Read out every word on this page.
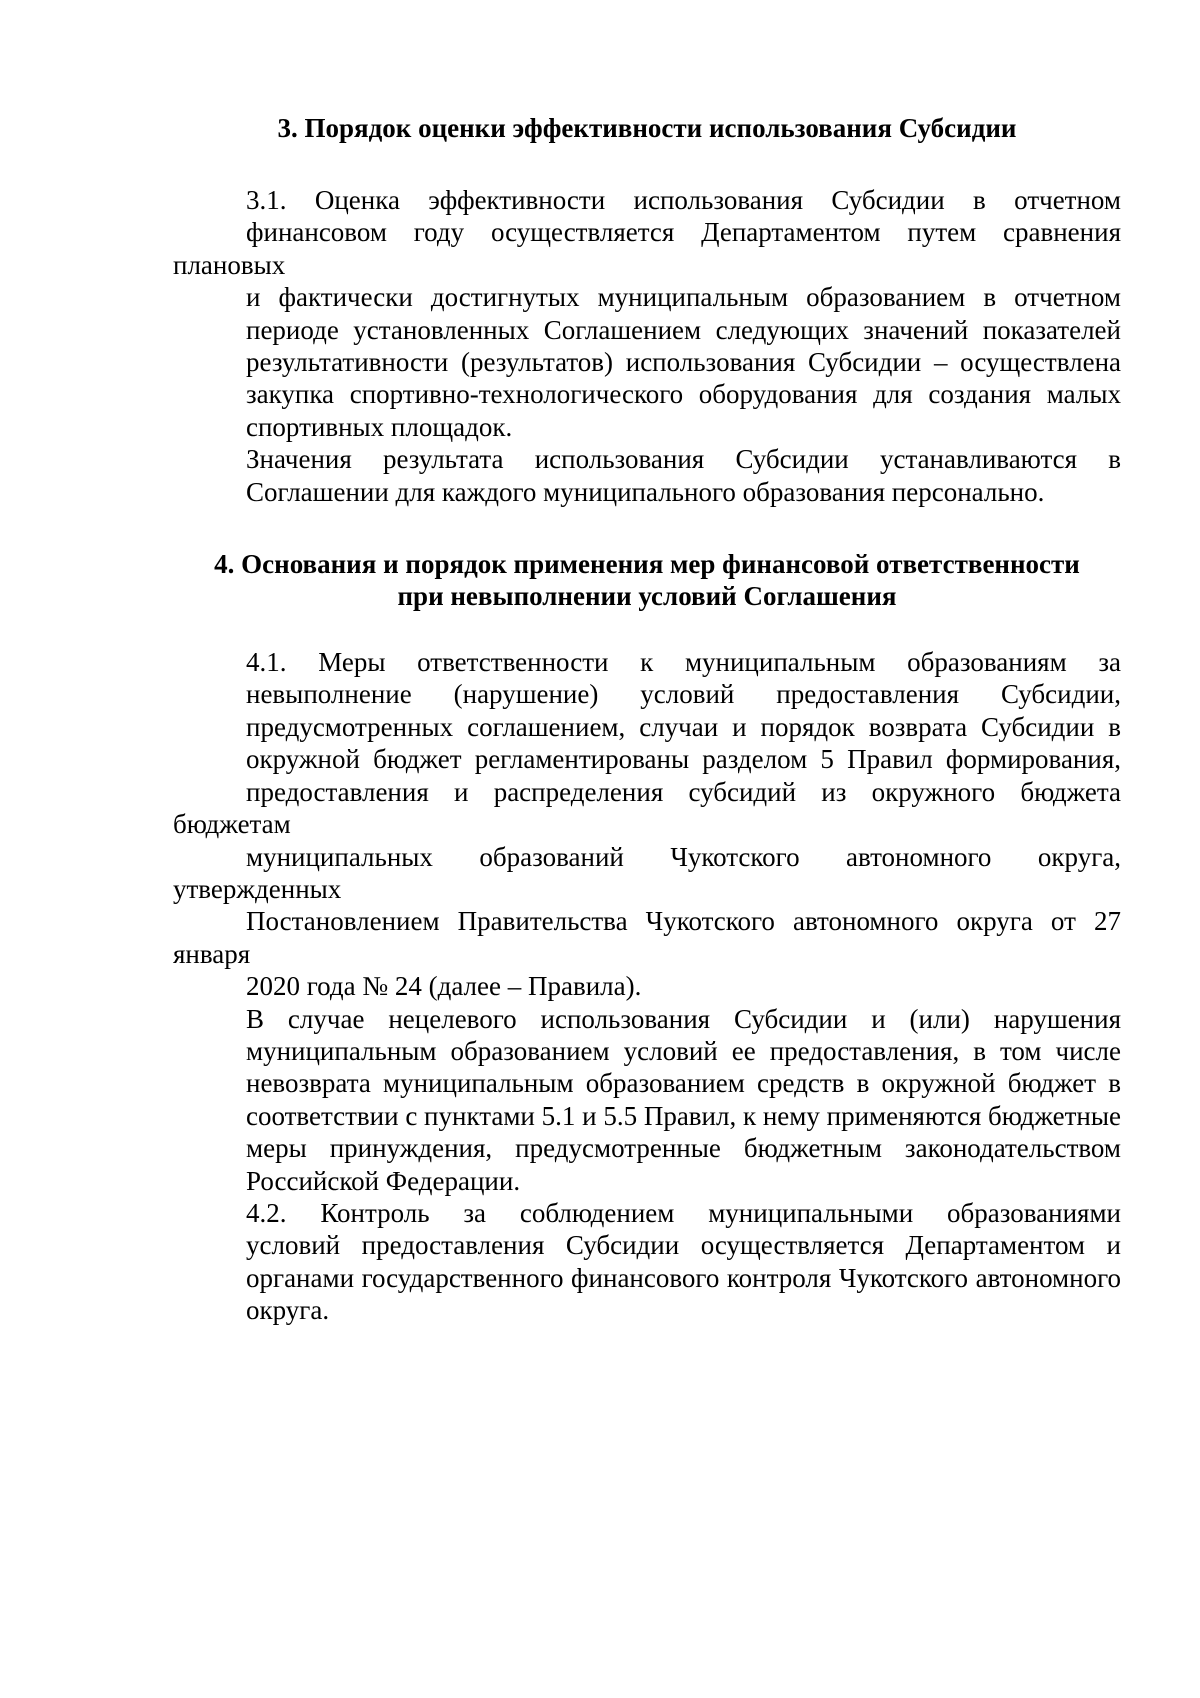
3. Порядок оценки эффективности использования Субсидии
3.1. Оценка эффективности использования Субсидии в отчетном
финансовом году осуществляется Департаментом путем сравнения плановых
и фактически достигнутых муниципальным образованием в отчетном
периоде установленных Соглашением следующих значений показателей
результативности (результатов) использования Субсидии – осуществлена
закупка спортивно-технологического оборудования для создания малых
спортивных площадок.
Значения результата использования Субсидии устанавливаются в
Соглашении для каждого муниципального образования персонально.
4. Основания и порядок применения мер финансовой ответственности
при невыполнении условий Соглашения
4.1. Меры ответственности к муниципальным образованиям за
невыполнение (нарушение) условий предоставления Субсидии,
предусмотренных соглашением, случаи и порядок возврата Субсидии в
окружной бюджет регламентированы разделом 5 Правил формирования,
предоставления и распределения субсидий из окружного бюджета бюджетам
муниципальных образований Чукотского автономного округа, утвержденных
Постановлением Правительства Чукотского автономного округа от 27 января
2020 года № 24 (далее – Правила).
В случае нецелевого использования Субсидии и (или) нарушения
муниципальным образованием условий ее предоставления, в том числе
невозврата муниципальным образованием средств в окружной бюджет в
соответствии с пунктами 5.1 и 5.5 Правил, к нему применяются бюджетные
меры принуждения, предусмотренные бюджетным законодательством
Российской Федерации.
4.2. Контроль за соблюдением муниципальными образованиями
условий предоставления Субсидии осуществляется Департаментом и
органами государственного финансового контроля Чукотского автономного
округа.
